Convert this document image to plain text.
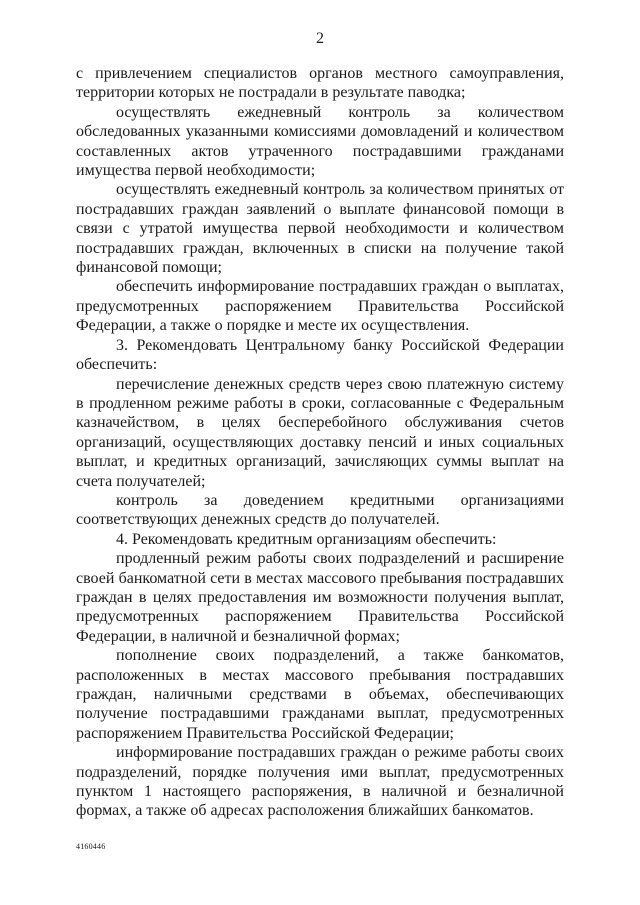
2

с привлечением специалистов органов местного самоуправления, территории которых не пострадали в результате паводка;

осуществлять ежедневный контроль за количеством обследованных указанными комиссиями домовладений и количеством составленных актов утраченного пострадавшими гражданами имущества первой необходимости;

осуществлять ежедневный контроль за количеством принятых от пострадавших граждан заявлений о выплате финансовой помощи в связи с утратой имущества первой необходимости и количеством пострадавших граждан, включенных в списки на получение такой финансовой помощи;

обеспечить информирование пострадавших граждан о выплатах, предусмотренных распоряжением Правительства Российской Федерации, а также о порядке и месте их осуществления.

3. Рекомендовать Центральному банку Российской Федерации обеспечить:

перечисление денежных средств через свою платежную систему в продленном режиме работы в сроки, согласованные с Федеральным казначейством, в целях бесперебойного обслуживания счетов организаций, осуществляющих доставку пенсий и иных социальных выплат, и кредитных организаций, зачисляющих суммы выплат на счета получателей;

контроль за доведением кредитными организациями соответствующих денежных средств до получателей.

4. Рекомендовать кредитным организациям обеспечить:

продленный режим работы своих подразделений и расширение своей банкоматной сети в местах массового пребывания пострадавших граждан в целях предоставления им возможности получения выплат, предусмотренных распоряжением Правительства Российской Федерации, в наличной и безналичной формах;

пополнение своих подразделений, а также банкоматов, расположенных в местах массового пребывания пострадавших граждан, наличными средствами в объемах, обеспечивающих получение пострадавшими гражданами выплат, предусмотренных распоряжением Правительства Российской Федерации;

информирование пострадавших граждан о режиме работы своих подразделений, порядке получения ими выплат, предусмотренных пунктом 1 настоящего распоряжения, в наличной и безналичной формах, а также об адресах расположения ближайших банкоматов.

4160446
